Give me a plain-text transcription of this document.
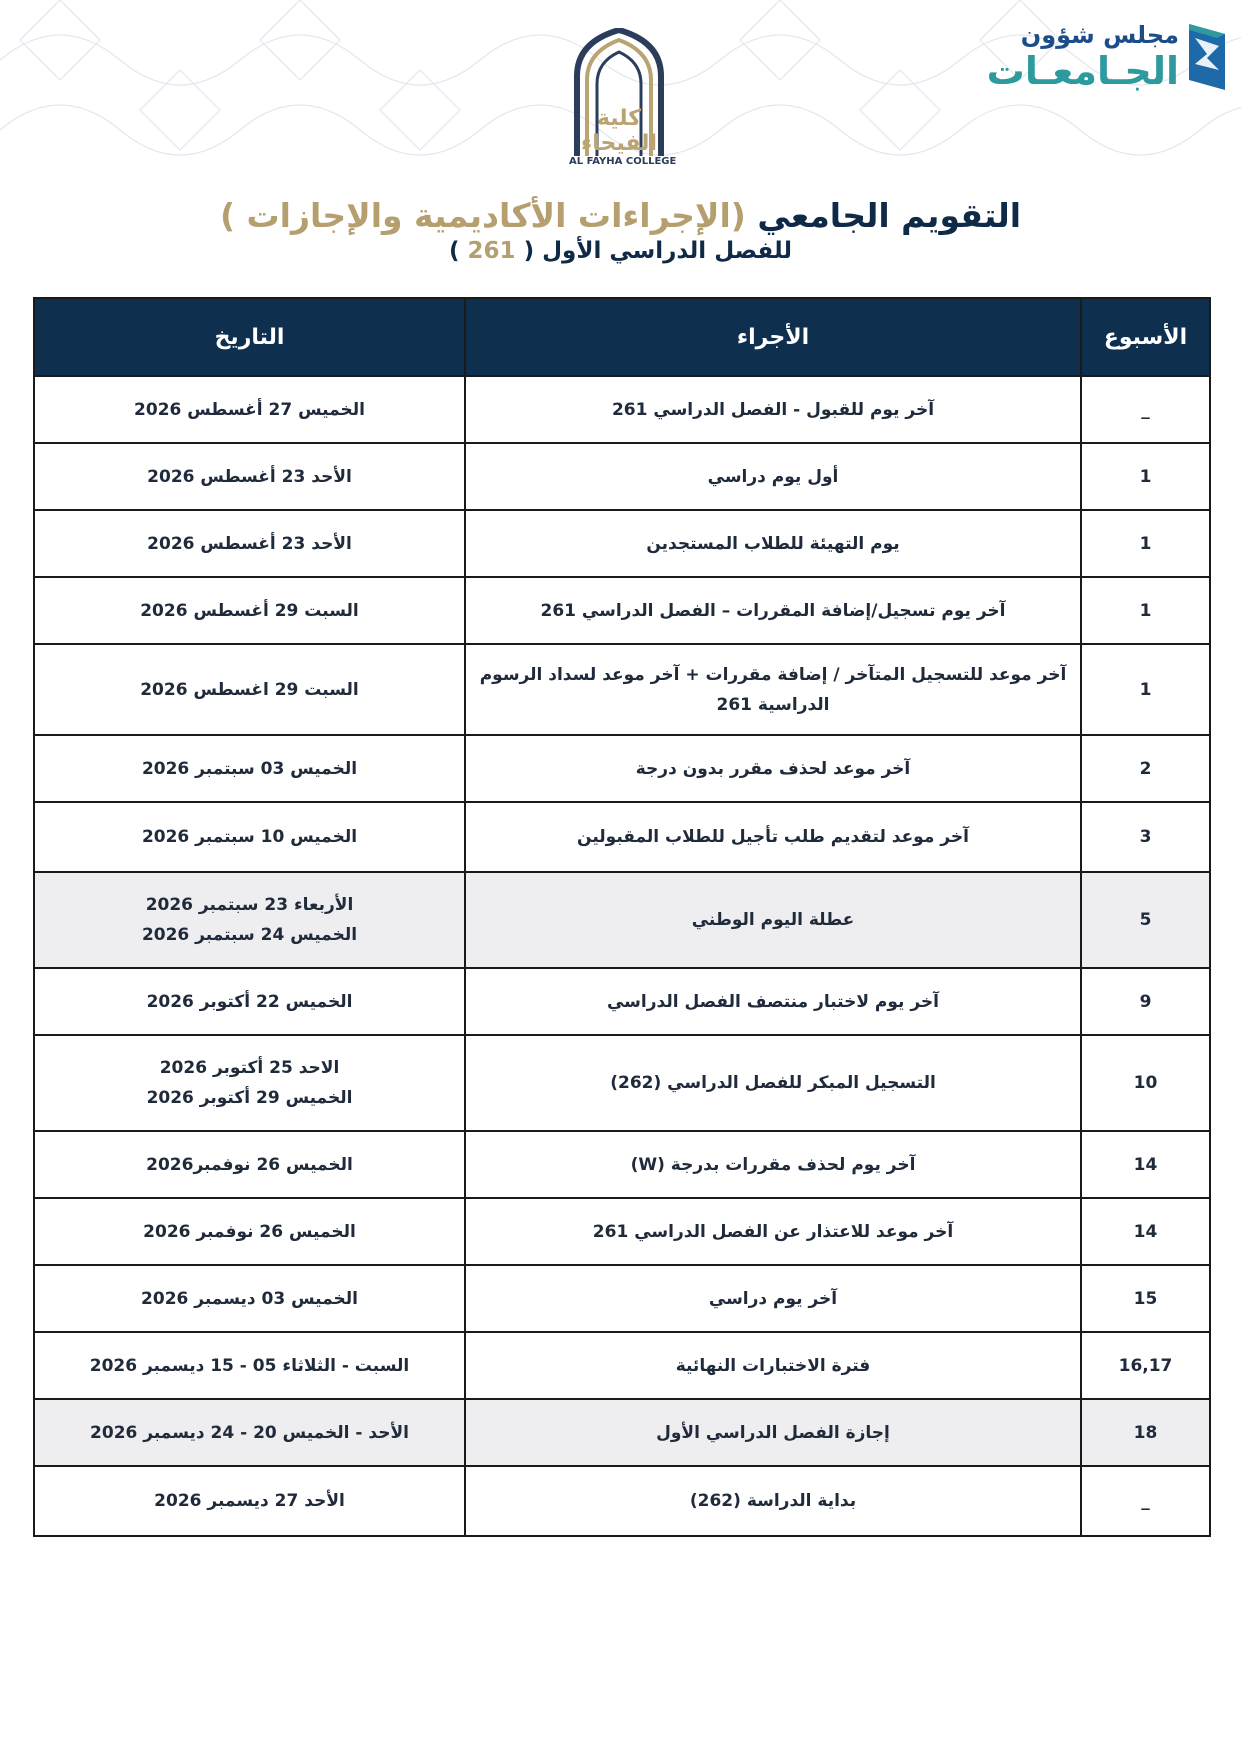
مجلس شؤون
الجـامعـات
كلية الفيحاء
AL FAYHA COLLEGE
التقويم الجامعي (الإجراءات الأكاديمية والإجازات )
للفصل الدراسي الأول ( 261 )
الأسبوع	الأجراء	التاريخ
_	آخر يوم للقبول - الفصل الدراسي 261	الخميس 27 أغسطس 2026

1	أول يوم دراسي	الأحد 23 أغسطس 2026

1	يوم التهيئة للطلاب المستجدين	الأحد 23 أغسطس 2026

1	آخر يوم تسجيل/إضافة المقررات – الفصل الدراسي 261	السبت 29 أغسطس 2026

1	آخر موعد للتسجيل المتآخر / إضافة مقررات + آخر موعد لسداد الرسوم الدراسية 261	السبت 29 اغسطس 2026

2	آخر موعد لحذف مقرر بدون درجة	الخميس 03 سبتمبر 2026

3	آخر موعد لتقديم طلب تأجيل للطلاب المقبولين	الخميس 10 سبتمبر 2026

5	عطلة اليوم الوطني	الأربعاء 23 سبتمبر 2026
الخميس 24 سبتمبر 2026

9	آخر يوم لاختبار منتصف الفصل الدراسي	الخميس 22 أكتوبر 2026

10	التسجيل المبكر للفصل الدراسي (262)	الاحد 25 أكتوبر 2026
الخميس 29 أكتوبر 2026

14	آخر يوم لحذف مقررات بدرجة (W)	الخميس 26 نوفمبر2026

14	آخر موعد للاعتذار عن الفصل الدراسي 261	الخميس 26 نوفمبر 2026

15	آخر يوم دراسي	الخميس 03 ديسمبر 2026

16,17	فترة الاختبارات النهائية	السبت - الثلاثاء 05 - 15 ديسمبر 2026

18	إجازة الفصل الدراسي الأول	الأحد - الخميس 20 - 24 ديسمبر 2026

_	بداية الدراسة (262)	الأحد 27 ديسمبر 2026
